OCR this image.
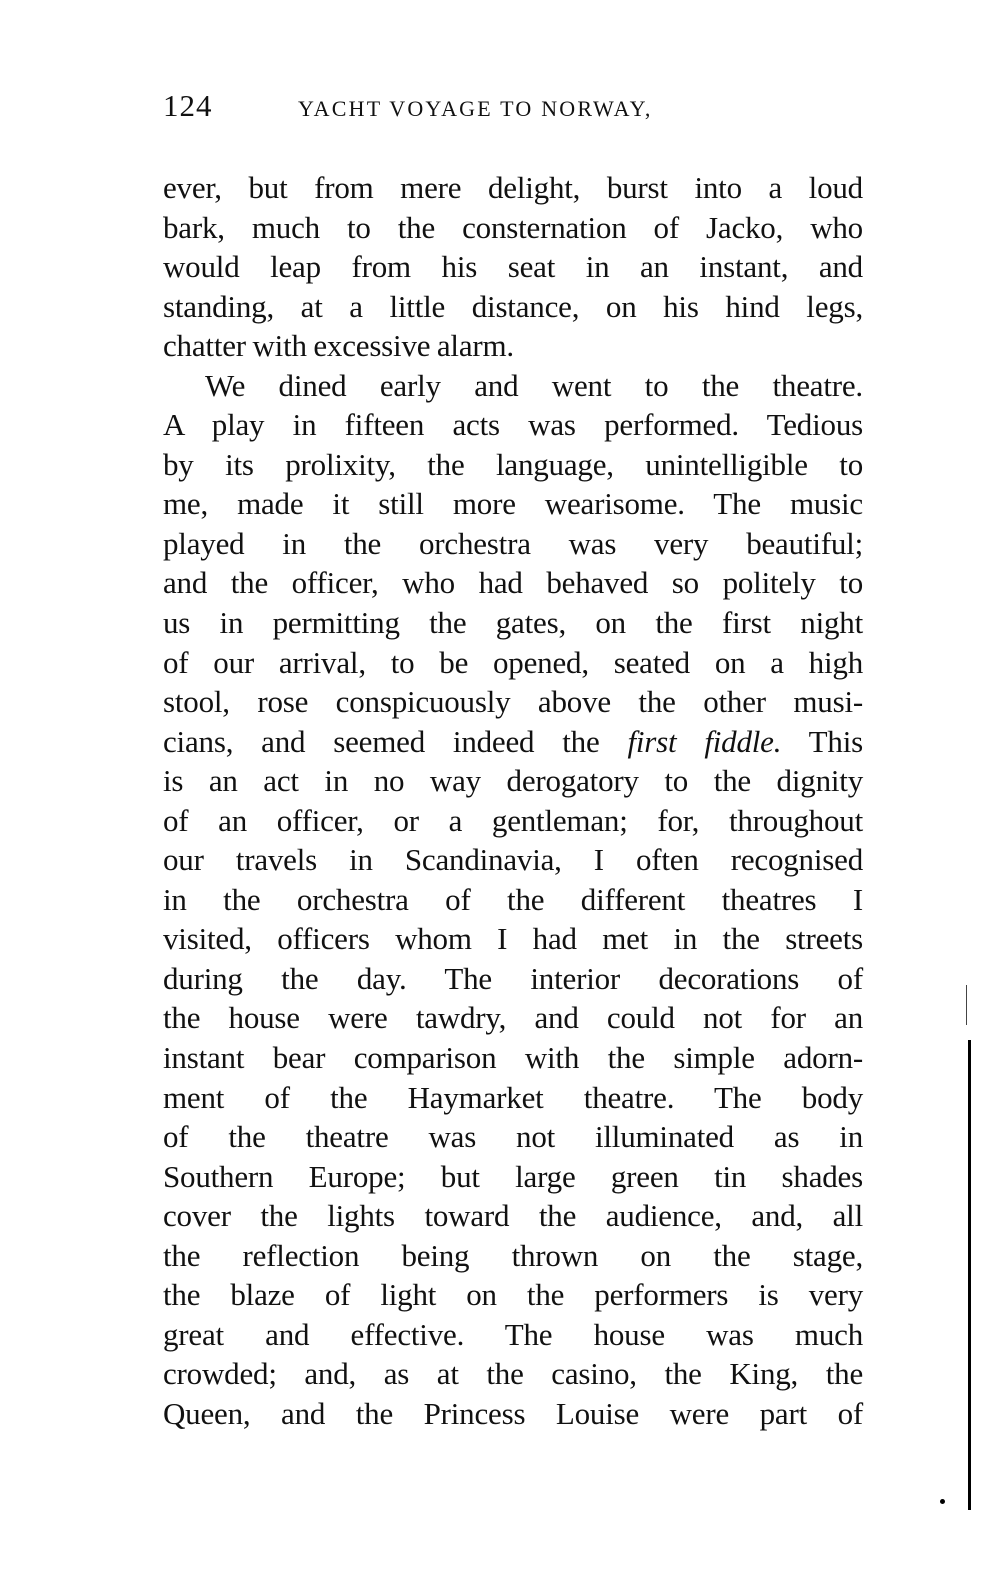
124	YACHT VOYAGE TO NORWAY,
ever, but from mere delight, burst into a loud
bark, much to the consternation of Jacko, who
would leap from his seat in an instant, and
standing, at a little distance, on his hind legs,
chatter with excessive alarm.
We dined early and went to the theatre.
A play in fifteen acts was performed. Tedious
by its prolixity, the language, unintelligible to
me, made it still more wearisome. The music
played in the orchestra was very beautiful;
and the officer, who had behaved so politely to
us in permitting the gates, on the first night
of our arrival, to be opened, seated on a high
stool, rose conspicuously above the other musi-
cians, and seemed indeed the first fiddle. This
is an act in no way derogatory to the dignity
of an officer, or a gentleman; for, throughout
our travels in Scandinavia, I often recognised
in the orchestra of the different theatres I
visited, officers whom I had met in the streets
during the day. The interior decorations of
the house were tawdry, and could not for an
instant bear comparison with the simple adorn-
ment of the Haymarket theatre. The body
of the theatre was not illuminated as in
Southern Europe; but large green tin shades
cover the lights toward the audience, and, all
the reflection being thrown on the stage,
the blaze of light on the performers is very
great and effective. The house was much
crowded; and, as at the casino, the King, the
Queen, and the Princess Louise were part of
